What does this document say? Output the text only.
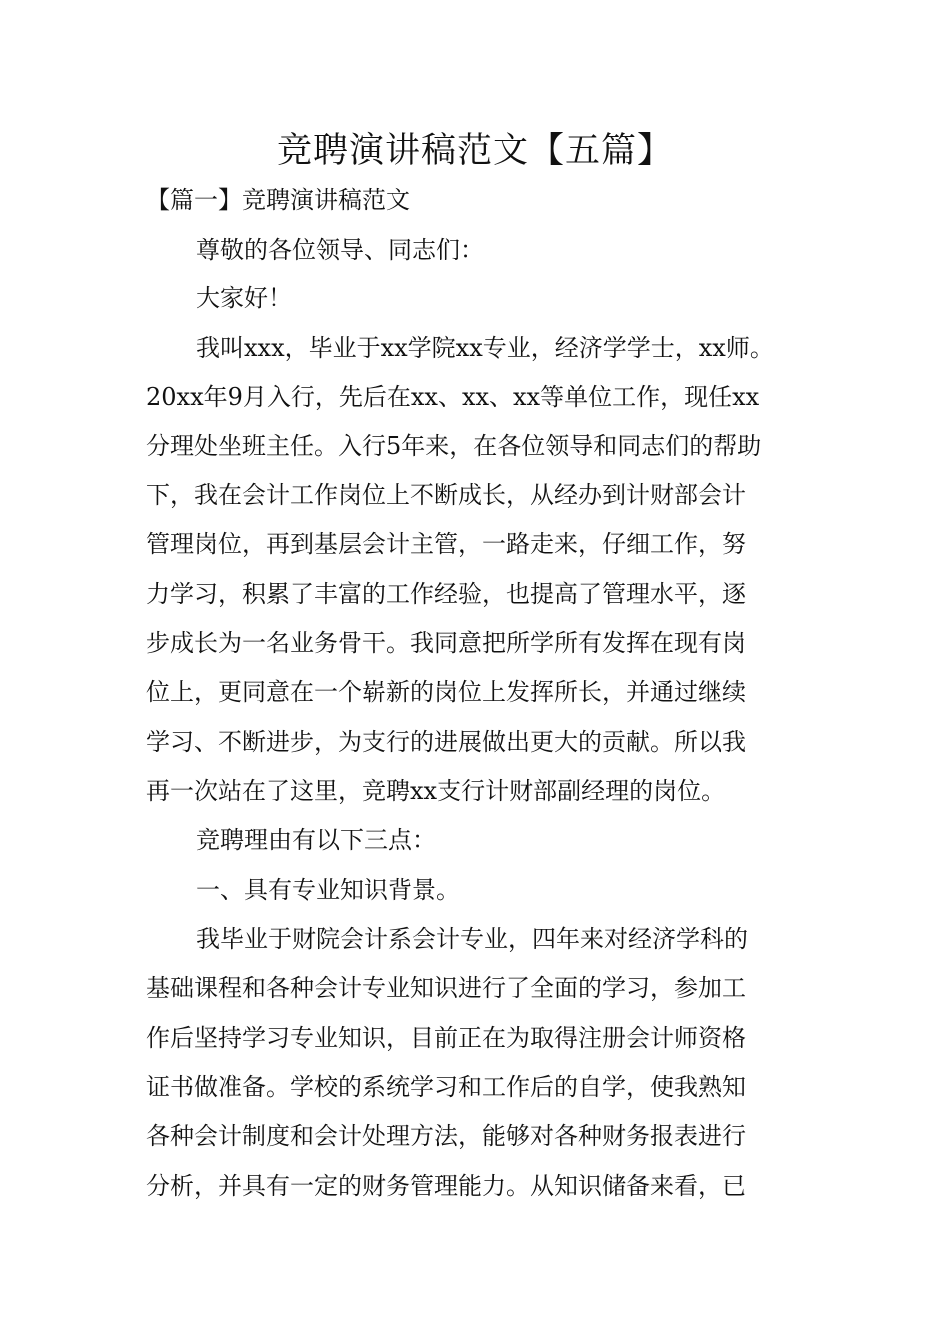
竞聘演讲稿范文【五篇】

【篇一】竞聘演讲稿范文

尊敬的各位领导、同志们：

大家好！

我叫xxx，毕业于xx学院xx专业，经济学学士，xx师。

20xx年9月入行，先后在xx、xx、xx等单位工作，现任xx

分理处坐班主任。入行5年来，在各位领导和同志们的帮助

下，我在会计工作岗位上不断成长，从经办到计财部会计

管理岗位，再到基层会计主管，一路走来，仔细工作，努

力学习，积累了丰富的工作经验，也提高了管理水平，逐

步成长为一名业务骨干。我同意把所学所有发挥在现有岗

位上，更同意在一个崭新的岗位上发挥所长，并通过继续

学习、不断进步，为支行的进展做出更大的贡献。所以我

再一次站在了这里，竞聘xx支行计财部副经理的岗位。

竞聘理由有以下三点：

一、具有专业知识背景。

我毕业于财院会计系会计专业，四年来对经济学科的

基础课程和各种会计专业知识进行了全面的学习，参加工

作后坚持学习专业知识，目前正在为取得注册会计师资格

证书做准备。学校的系统学习和工作后的自学，使我熟知

各种会计制度和会计处理方法，能够对各种财务报表进行

分析，并具有一定的财务管理能力。从知识储备来看，已
